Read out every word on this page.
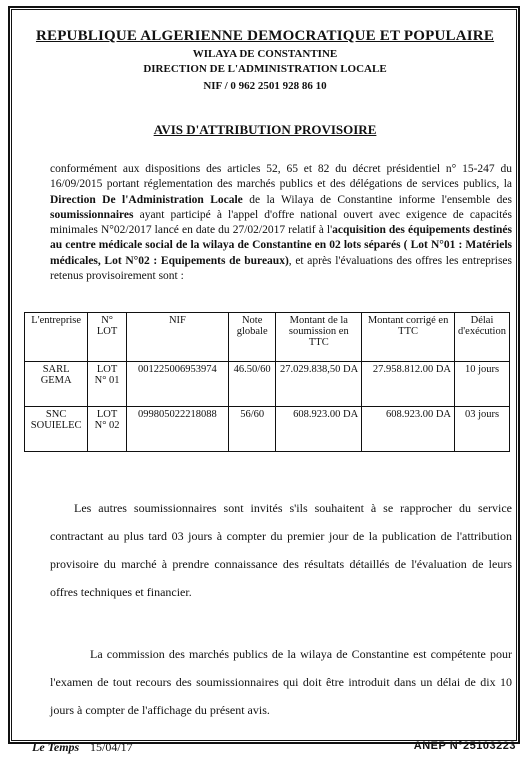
REPUBLIQUE ALGERIENNE DEMOCRATIQUE ET POPULAIRE
WILAYA DE CONSTANTINE
DIRECTION DE L'ADMINISTRATION LOCALE
NIF / 0 962 2501 928 86 10
AVIS D'ATTRIBUTION PROVISOIRE
conformément aux dispositions des articles 52, 65 et 82 du décret présidentiel n° 15-247 du 16/09/2015 portant réglementation des marchés publics et des délégations de services publics, la Direction De l'Administration Locale de la Wilaya de Constantine informe l'ensemble des soumissionnaires ayant participé à l'appel d'offre national ouvert avec exigence de capacités minimales N°02/2017 lancé en date du 27/02/2017 relatif à l'acquisition des équipements destinés au centre médicale social de la wilaya de Constantine en 02 lots séparés ( Lot N°01 : Matériels médicales, Lot N°02 : Equipements de bureaux), et après l'évaluations des offres les entreprises retenus provisoirement sont :
L'entreprise	N° LOT	NIF	Note globale	Montant de la soumission en TTC	Montant corrigé en TTC	Délai d'exécution
SARL GEMA	LOT N° 01	001225006953974	46.50/60	27.029.838,50 DA	27.958.812.00 DA	10 jours
SNC SOUIELEC	LOT N° 02	099805022218088	56/60	608.923.00 DA	608.923.00 DA	03 jours
Les autres soumissionnaires sont invités s'ils souhaitent à se rapprocher du service contractant au plus tard 03 jours à compter du premier jour de la publication de l'attribution provisoire du marché à prendre connaissance des résultats détaillés de l'évaluation de leurs offres techniques et financier.
La commission des marchés publics de la wilaya de Constantine est compétente pour l'examen de tout recours des soumissionnaires qui doit être introduit dans un délai de dix 10 jours à compter de l'affichage du présent avis.
Le Temps 15/04/17	ANEP N°25103223
